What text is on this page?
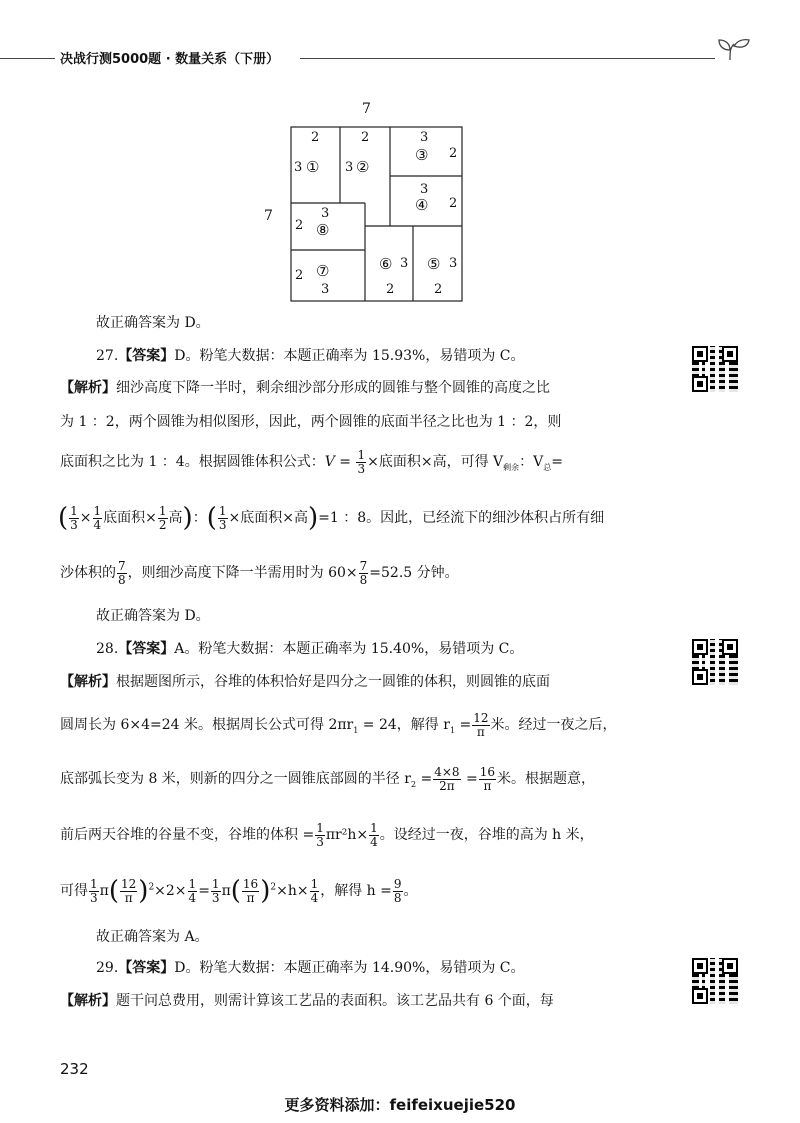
决战行测5000题 · 数量关系（下册）
7
7
2
3 ①
2
3 ②
3
③ 2
3
④ 2
3
2 ⑧
2 ⑦
3
⑥ 3
2
⑤ 3
2
故正确答案为 D。
27.【答案】D。粉笔大数据：本题正确率为 15.93%，易错项为 C。
【解析】细沙高度下降一半时，剩余细沙部分形成的圆锥与整个圆锥的高度之比
为 1 ：2，两个圆锥为相似图形，因此，两个圆锥的底面半径之比也为 1 ：2，则
底面积之比为 1 ：4。根据圆锥体积公式：$V = \frac{1}{3}$ ×底面积×高，可得 $V_{剩余}$：$V_总=$
( $\frac{1}{3} \times \frac{1}{4}$ 底面积× $\frac{1}{2}$ 高)：( $\frac{1}{3}$ ×底面积×高)=1 ：8。因此，已经流下的细沙体积占所有细
沙体积的 $\frac{7}{8}$ ，则细沙高度下降一半需用时为 $60\times \frac{7}{8} =52.5$ 分钟。
故正确答案为 D。
28.【答案】A。粉笔大数据：本题正确率为 15.40%，易错项为 C。
【解析】根据题图所示，谷堆的体积恰好是四分之一圆锥的体积，则圆锥的底面
圆周长为 6×4=24 米。根据周长公式可得 $2\pi r_1 = 24$，解得 $r_1 = \frac{12}{\pi}$ 米。经过一夜之后，
底部弧长变为 8 米，则新的四分之一圆锥底部圆的半径 $r_2 = \frac{4\times 8}{2\pi} = \frac{16}{\pi}$ 米。根据题意，
前后两天谷堆的谷量不变，谷堆的体积 = $\frac{1}{3} \pi r^2h\times \frac{1}{4}$ 。设经过一夜，谷堆的高为 h 米，
可得 $\frac{1}{3} \pi( \frac{12}{\pi} )^2\times 2\times \frac{1}{4} = \frac{1}{3} \pi( \frac{16}{\pi} )^2\times h\times \frac{1}{4}$ ，解得 $h = \frac{9}{8}$ 。
故正确答案为 A。
29.【答案】D。粉笔大数据：本题正确率为 14.90%，易错项为 C。
【解析】题干问总费用，则需计算该工艺品的表面积。该工艺品共有 6 个面，每
232
更多资料添加：feifeixuejie520
